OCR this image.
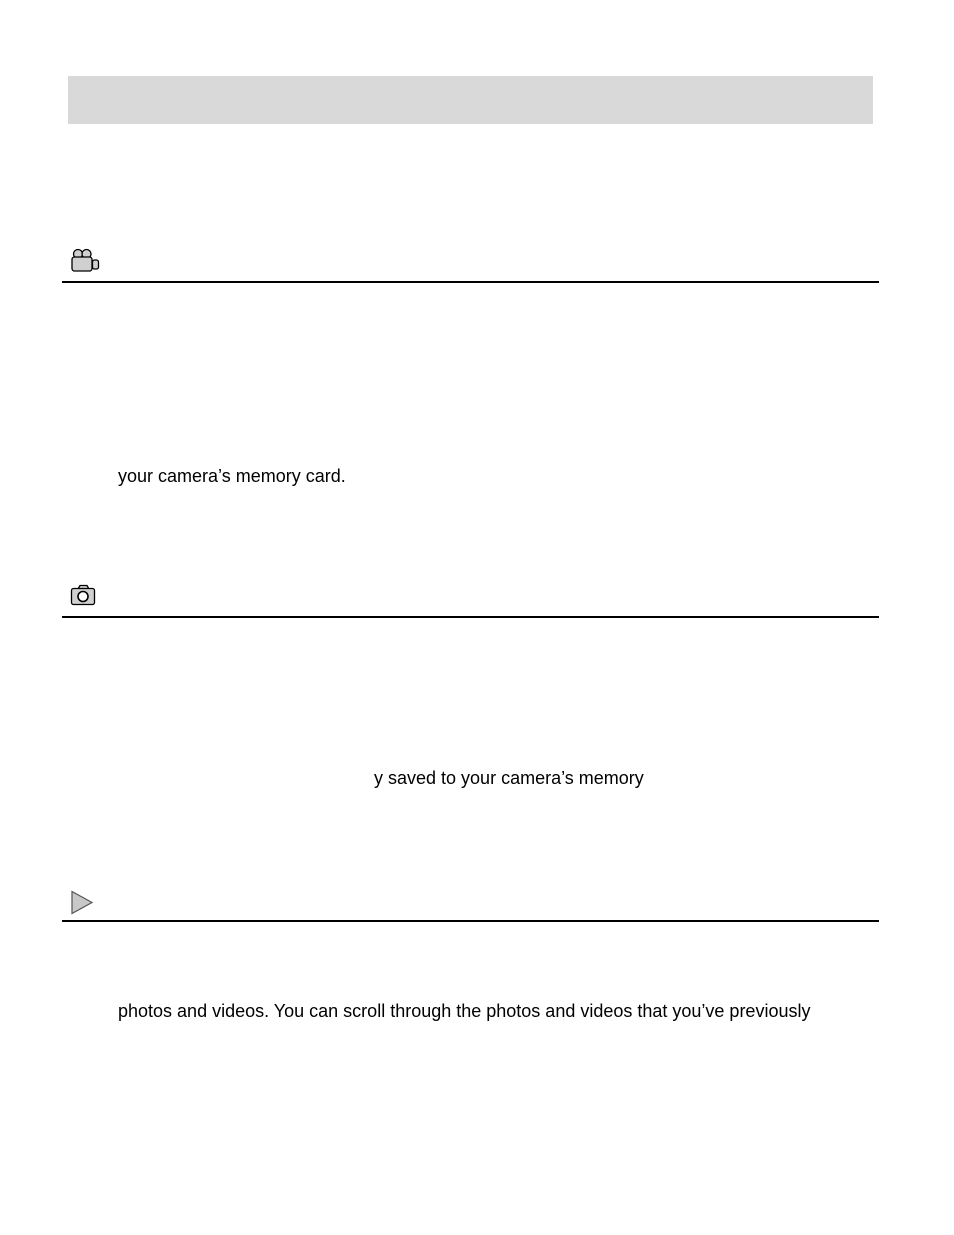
your camera’s memory card.
y saved to your camera’s memory
photos and videos. You can scroll through the photos and videos that you’ve previously
